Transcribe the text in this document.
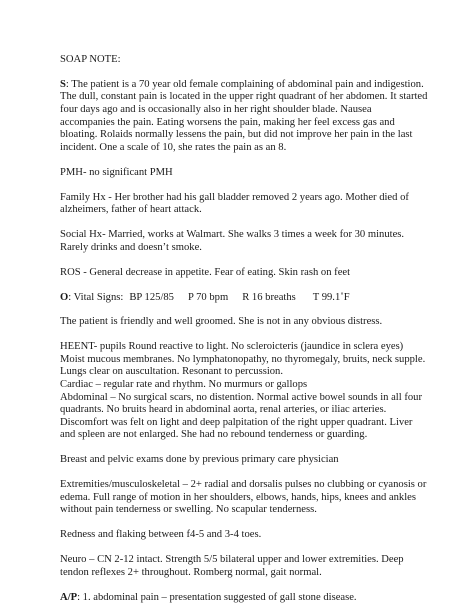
SOAP NOTE:

S: The patient is a 70 year old female complaining of abdominal pain and indigestion. The dull, constant pain is located in the upper right quadrant of her abdomen. It started four days ago and is occasionally also in her right shoulder blade. Nausea accompanies the pain. Eating worsens the pain, making her feel excess gas and bloating. Rolaids normally lessens the pain, but did not improve her pain in the last incident. One a scale of 10, she rates the pain as an 8.

PMH- no significant PMH

Family Hx - Her brother had his gall bladder removed 2 years ago. Mother died of alzheimers, father of heart attack.

Social Hx- Married, works at Walmart. She walks 3 times a week for 30 minutes. Rarely drinks and doesn’t smoke.

ROS - General decrease in appetite. Fear of eating. Skin rash on feet

O: Vital Signs: BP 125/85 P 70 bpm R 16 breaths T 99.1˚F

The patient is friendly and well groomed. She is not in any obvious distress.

HEENT- pupils Round reactive to light. No scleroicteris (jaundice in sclera eyes) Moist mucous membranes. No lymphatonopathy, no thyromegaly, bruits, neck supple.
Lungs clear on auscultation. Resonant to percussion.
Cardiac – regular rate and rhythm. No murmurs or gallops
Abdominal – No surgical scars, no distention. Normal active bowel sounds in all four quadrants. No bruits heard in abdominal aorta, renal arteries, or iliac arteries. Discomfort was felt on light and deep palpitation of the right upper quadrant. Liver and spleen are not enlarged. She had no rebound tenderness or guarding.

Breast and pelvic exams done by previous primary care physician

Extremities/musculoskeletal – 2+ radial and dorsalis pulses no clubbing or cyanosis or edema. Full range of motion in her shoulders, elbows, hands, hips, knees and ankles without pain tenderness or swelling. No scapular tenderness.

Redness and flaking between f4-5 and 3-4 toes.

Neuro – CN 2-12 intact. Strength 5/5 bilateral upper and lower extremities. Deep tendon reflexes 2+ throughout. Romberg normal, gait normal.

A/P: 1. abdominal pain – presentation suggested of gall stone disease.
